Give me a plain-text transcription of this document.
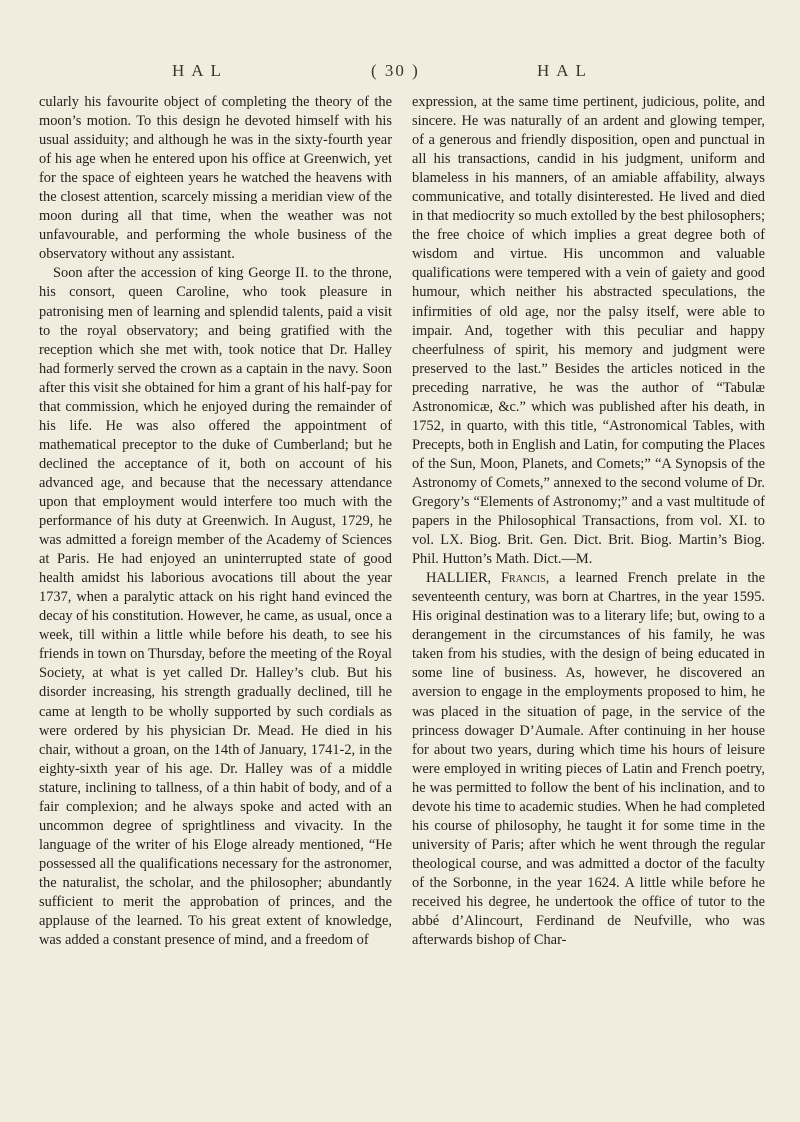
HAL	( 30 )	HAL

cularly his favourite object of completing the theory of the moon’s motion. To this design he devoted himself with his usual assiduity; and although he was in the sixty-fourth year of his age when he entered upon his office at Greenwich, yet for the space of eighteen years he watched the heavens with the closest attention, scarcely missing a meridian view of the moon during all that time, when the weather was not unfavourable, and performing the whole business of the observatory without any assistant.

Soon after the accession of king George II. to the throne, his consort, queen Caroline, who took pleasure in patronising men of learning and splendid talents, paid a visit to the royal observatory; and being gratified with the reception which she met with, took notice that Dr. Halley had formerly served the crown as a captain in the navy. Soon after this visit she obtained for him a grant of his half-pay for that commission, which he enjoyed during the remainder of his life. He was also offered the appointment of mathematical preceptor to the duke of Cumberland; but he declined the acceptance of it, both on account of his advanced age, and because that the necessary attendance upon that employment would interfere too much with the performance of his duty at Greenwich. In August, 1729, he was admitted a foreign member of the Academy of Sciences at Paris. He had enjoyed an uninterrupted state of good health amidst his laborious avocations till about the year 1737, when a paralytic attack on his right hand evinced the decay of his constitution. However, he came, as usual, once a week, till within a little while before his death, to see his friends in town on Thursday, before the meeting of the Royal Society, at what is yet called Dr. Halley’s club. But his disorder increasing, his strength gradually declined, till he came at length to be wholly supported by such cordials as were ordered by his physician Dr. Mead. He died in his chair, without a groan, on the 14th of January, 1741-2, in the eighty-sixth year of his age. Dr. Halley was of a middle stature, inclining to tallness, of a thin habit of body, and of a fair complexion; and he always spoke and acted with an uncommon degree of sprightliness and vivacity. In the language of the writer of his Eloge already mentioned, “He possessed all the qualifications necessary for the astronomer, the naturalist, the scholar, and the philosopher; abundantly sufficient to merit the approbation of princes, and the applause of the learned. To his great extent of knowledge, was added a constant presence of mind, and a freedom of

expression, at the same time pertinent, judicious, polite, and sincere. He was naturally of an ardent and glowing temper, of a generous and friendly disposition, open and punctual in all his transactions, candid in his judgment, uniform and blameless in his manners, of an amiable affability, always communicative, and totally disinterested. He lived and died in that mediocrity so much extolled by the best philosophers; the free choice of which implies a great degree both of wisdom and virtue. His uncommon and valuable qualifications were tempered with a vein of gaiety and good humour, which neither his abstracted speculations, the infirmities of old age, nor the palsy itself, were able to impair. And, together with this peculiar and happy cheerfulness of spirit, his memory and judgment were preserved to the last.” Besides the articles noticed in the preceding narrative, he was the author of “Tabulæ Astronomicæ, &c.” which was published after his death, in 1752, in quarto, with this title, “Astronomical Tables, with Precepts, both in English and Latin, for computing the Places of the Sun, Moon, Planets, and Comets;” “A Synopsis of the Astronomy of Comets,” annexed to the second volume of Dr. Gregory’s “Elements of Astronomy;” and a vast multitude of papers in the Philosophical Transactions, from vol. XI. to vol. LX. Biog. Brit. Gen. Dict. Brit. Biog. Martin’s Biog. Phil. Hutton’s Math. Dict.—M.

HALLIER, Francis, a learned French prelate in the seventeenth century, was born at Chartres, in the year 1595. His original destination was to a literary life; but, owing to a derangement in the circumstances of his family, he was taken from his studies, with the design of being educated in some line of business. As, however, he discovered an aversion to engage in the employments proposed to him, he was placed in the situation of page, in the service of the princess dowager D’Aumale. After continuing in her house for about two years, during which time his hours of leisure were employed in writing pieces of Latin and French poetry, he was permitted to follow the bent of his inclination, and to devote his time to academic studies. When he had completed his course of philosophy, he taught it for some time in the university of Paris; after which he went through the regular theological course, and was admitted a doctor of the faculty of the Sorbonne, in the year 1624. A little while before he received his degree, he undertook the office of tutor to the abbé d’Alincourt, Ferdinand de Neufville, who was afterwards bishop of Char-
